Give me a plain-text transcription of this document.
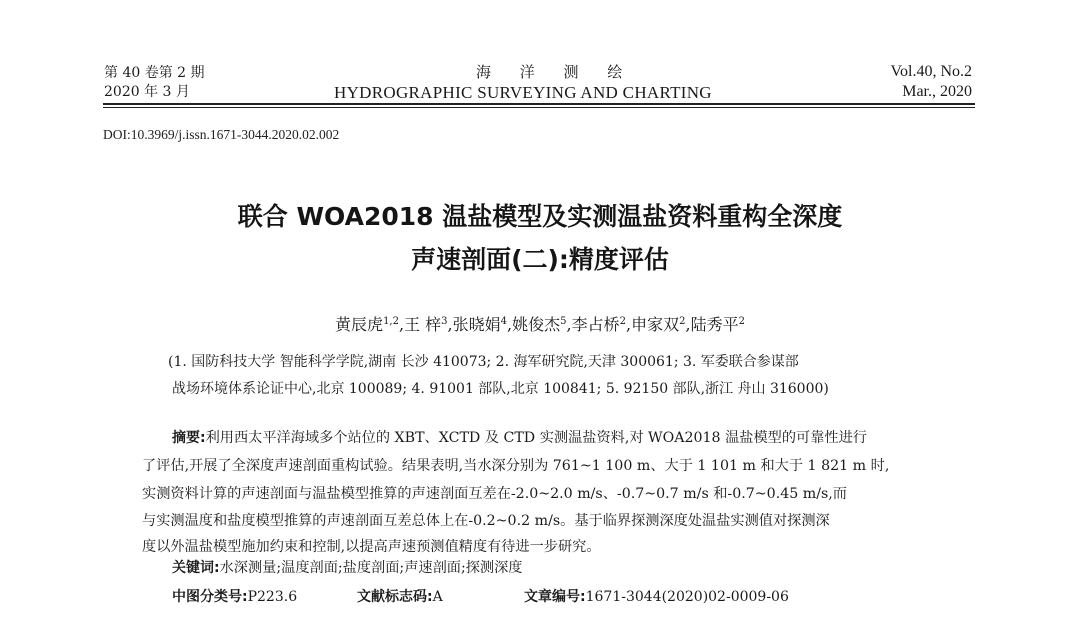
第 40 卷第 2 期
2020 年 3 月
海 洋 测 绘
HYDROGRAPHIC SURVEYING AND CHARTING
Vol.40, No.2
Mar., 2020
DOI:10.3969/j.issn.1671-3044.2020.02.002
联合 WOA2018 温盐模型及实测温盐资料重构全深度
声速剖面(二):精度评估
黄辰虎$^{1,2}$,王 梓$^3$,张晓娟$^4$,姚俊杰$^5$,李占桥$^2$,申家双$^2$,陆秀平$^2$
(1. 国防科技大学 智能科学学院,湖南 长沙 410073; 2. 海军研究院,天津 300061; 3. 军委联合参谋部
战场环境体系论证中心,北京 100089; 4. 91001 部队,北京 100841; 5. 92150 部队,浙江 舟山 316000)
摘要:利用西太平洋海域多个站位的 XBT、XCTD 及 CTD 实测温盐资料,对 WOA2018 温盐模型的可靠性进行
了评估,开展了全深度声速剖面重构试验。结果表明,当水深分别为 761~1 100 m、大于 1 101 m 和大于 1 821 m 时,
实测资料计算的声速剖面与温盐模型推算的声速剖面互差在-2.0~2.0 m/s、-0.7~0.7 m/s 和-0.7~0.45 m/s,而
与实测温度和盐度模型推算的声速剖面互差总体上在-0.2~0.2 m/s。基于临界探测深度处温盐实测值对探测深
度以外温盐模型施加约束和控制,以提高声速预测值精度有待进一步研究。
关键词:水深测量;温度剖面;盐度剖面;声速剖面;探测深度
中图分类号:P223.6	文献标志码:A	文章编号:1671-3044(2020)02-0009-06
